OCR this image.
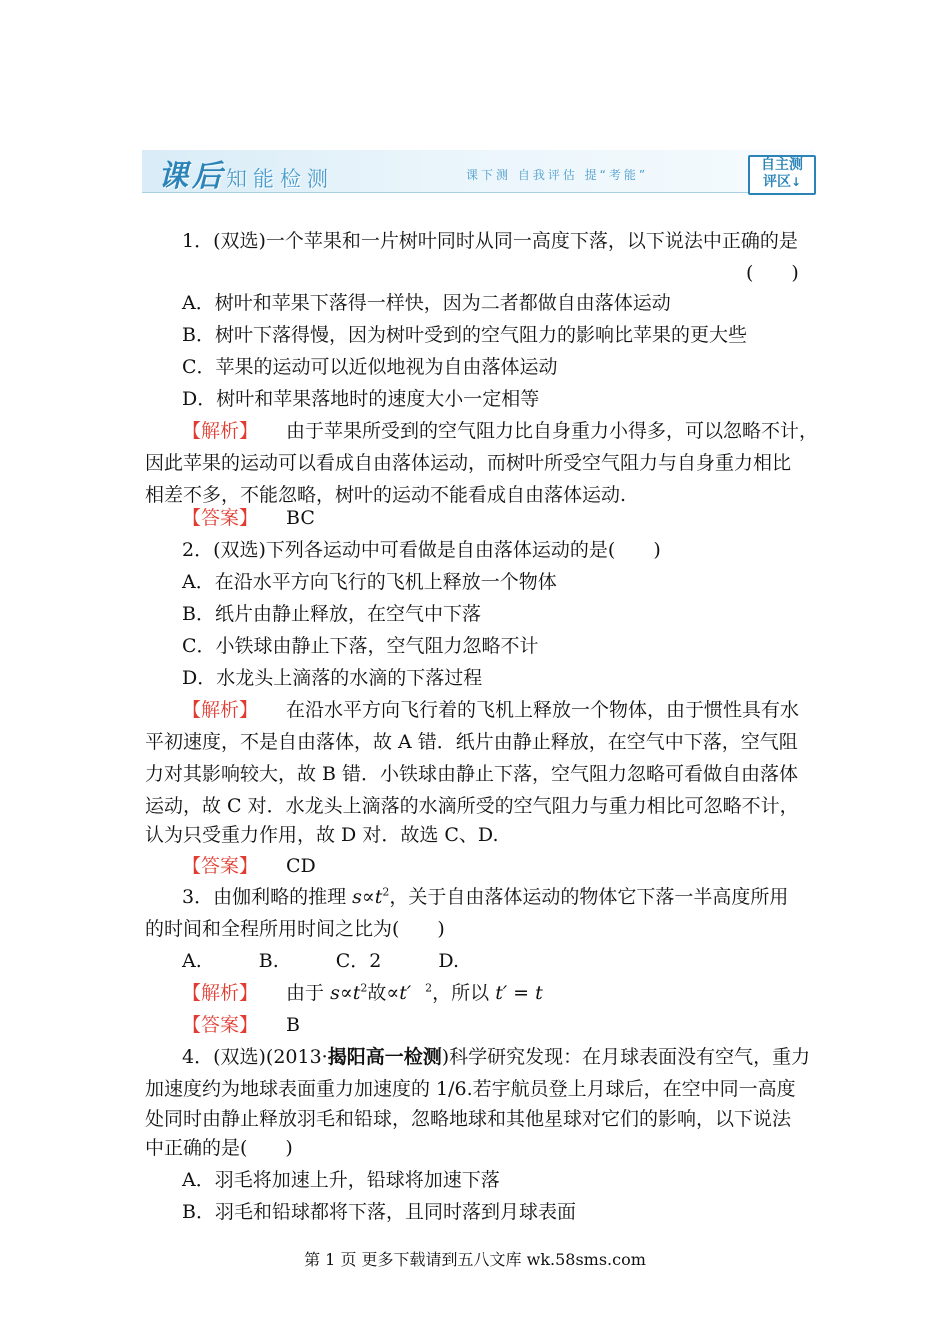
课后知能检测	课下测 自我评估 提“考能”
自主测
评区↓
1．(双选)一个苹果和一片树叶同时从同一高度下落，以下说法中正确的是
(　　)
A．树叶和苹果下落得一样快，因为二者都做自由落体运动
B．树叶下落得慢，因为树叶受到的空气阻力的影响比苹果的更大些
C．苹果的运动可以近似地视为自由落体运动
D．树叶和苹果落地时的速度大小一定相等
【解析】 由于苹果所受到的空气阻力比自身重力小得多，可以忽略不计，
因此苹果的运动可以看成自由落体运动，而树叶所受空气阻力与自身重力相比
相差不多，不能忽略，树叶的运动不能看成自由落体运动.
【答案】 BC
2．(双选)下列各运动中可看做是自由落体运动的是(　　)
A．在沿水平方向飞行的飞机上释放一个物体
B．纸片由静止释放，在空气中下落
C．小铁球由静止下落，空气阻力忽略不计
D．水龙头上滴落的水滴的下落过程
【解析】 在沿水平方向飞行着的飞机上释放一个物体，由于惯性具有水
平初速度，不是自由落体，故 A 错．纸片由静止释放，在空气中下落，空气阻
力对其影响较大，故 B 错．小铁球由静止下落，空气阻力忽略可看做自由落体
运动，故 C 对．水龙头上滴落的水滴所受的空气阻力与重力相比可忽略不计，
认为只受重力作用，故 D 对．故选 C、D.
【答案】 CD
3．由伽利略的推理 $s\propto t^2$，关于自由落体运动的物体它下落一半高度所用
的时间和全程所用时间之比为(　　)
A.　　　B.　　　C．2　　　D.
【解析】 由于 $s\propto t^2$故∝t′ $^2$，所以 t′ = t
【答案】 B
4．(双选)(2013·揭阳高一检测)科学研究发现：在月球表面没有空气，重力
加速度约为地球表面重力加速度的 1/6.若宇航员登上月球后，在空中同一高度
处同时由静止释放羽毛和铅球，忽略地球和其他星球对它们的影响，以下说法
中正确的是(　　)
A．羽毛将加速上升，铅球将加速下落
B．羽毛和铅球都将下落，且同时落到月球表面
第 1 页 更多下载请到五八文库 wk.58sms.com
